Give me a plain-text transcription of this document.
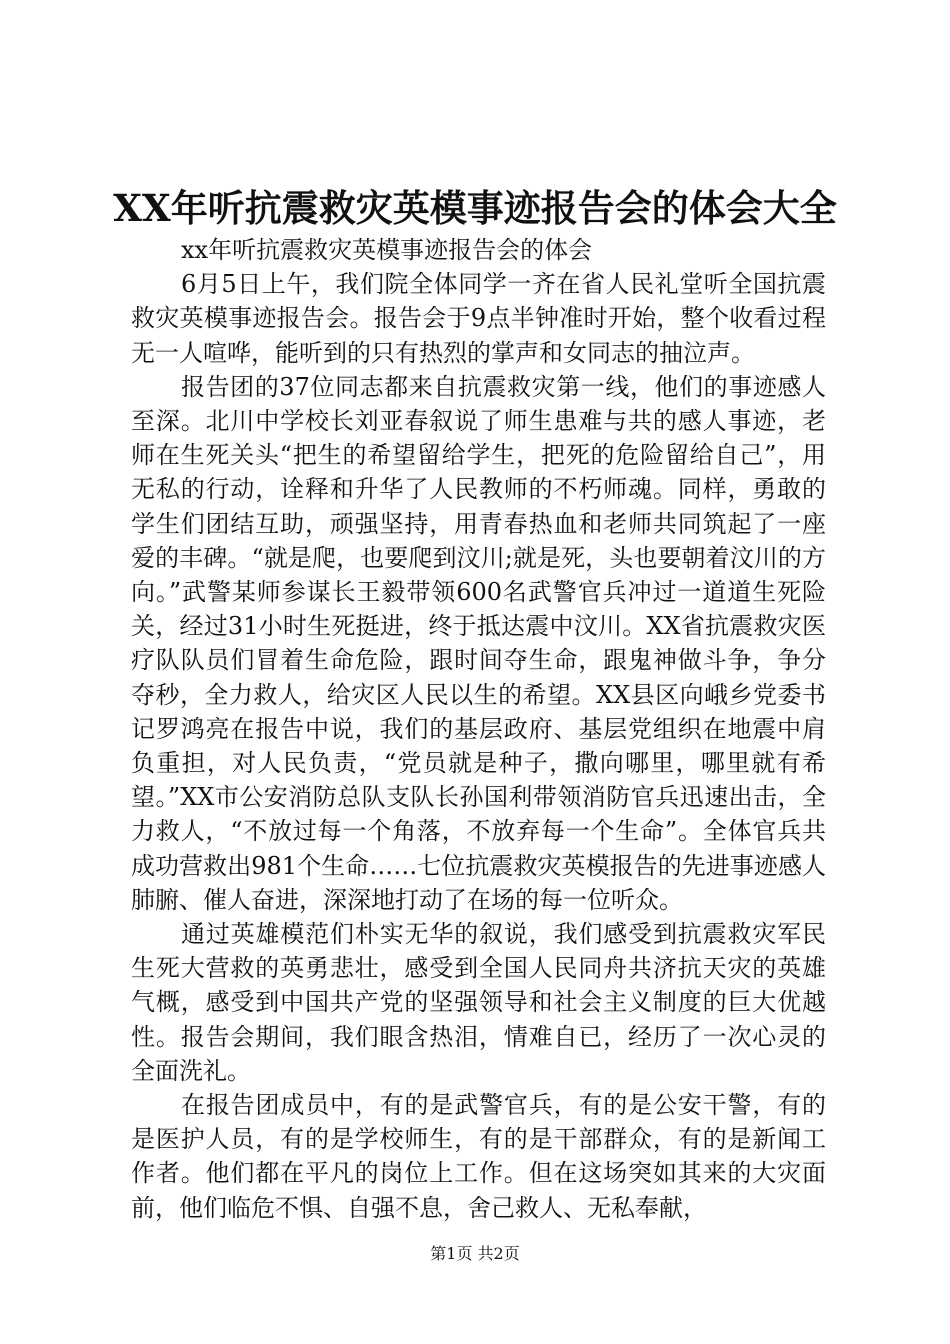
XX年听抗震救灾英模事迹报告会的体会大全

xx年听抗震救灾英模事迹报告会的体会

6月5日上午，我们院全体同学一齐在省人民礼堂听全国抗震救灾英模事迹报告会。报告会于9点半钟准时开始，整个收看过程无一人喧哗，能听到的只有热烈的掌声和女同志的抽泣声。

报告团的37位同志都来自抗震救灾第一线，他们的事迹感人至深。北川中学校长刘亚春叙说了师生患难与共的感人事迹，老师在生死关头“把生的希望留给学生，把死的危险留给自己”，用无私的行动，诠释和升华了人民教师的不朽师魂。同样，勇敢的学生们团结互助，顽强坚持，用青春热血和老师共同筑起了一座爱的丰碑。“就是爬，也要爬到汶川;就是死，头也要朝着汶川的方向。”武警某师参谋长王毅带领600名武警官兵冲过一道道生死险关，经过31小时生死挺进，终于抵达震中汶川。XX省抗震救灾医疗队队员们冒着生命危险，跟时间夺生命，跟鬼神做斗争，争分夺秒，全力救人，给灾区人民以生的希望。XX县区向峨乡党委书记罗鸿亮在报告中说，我们的基层政府、基层党组织在地震中肩负重担，对人民负责，“党员就是种子，撒向哪里，哪里就有希望。”XX市公安消防总队支队长孙国利带领消防官兵迅速出击，全力救人，“不放过每一个角落，不放弃每一个生命”。全体官兵共成功营救出981个生命……七位抗震救灾英模报告的先进事迹感人肺腑、催人奋进，深深地打动了在场的每一位听众。

通过英雄模范们朴实无华的叙说，我们感受到抗震救灾军民生死大营救的英勇悲壮，感受到全国人民同舟共济抗天灾的英雄气概，感受到中国共产党的坚强领导和社会主义制度的巨大优越性。报告会期间，我们眼含热泪，情难自已，经历了一次心灵的全面洗礼。

在报告团成员中，有的是武警官兵，有的是公安干警，有的是医护人员，有的是学校师生，有的是干部群众，有的是新闻工作者。他们都在平凡的岗位上工作。但在这场突如其来的大灾面前，他们临危不惧、自强不息，舍己救人、无私奉献，

第1页 共2页
